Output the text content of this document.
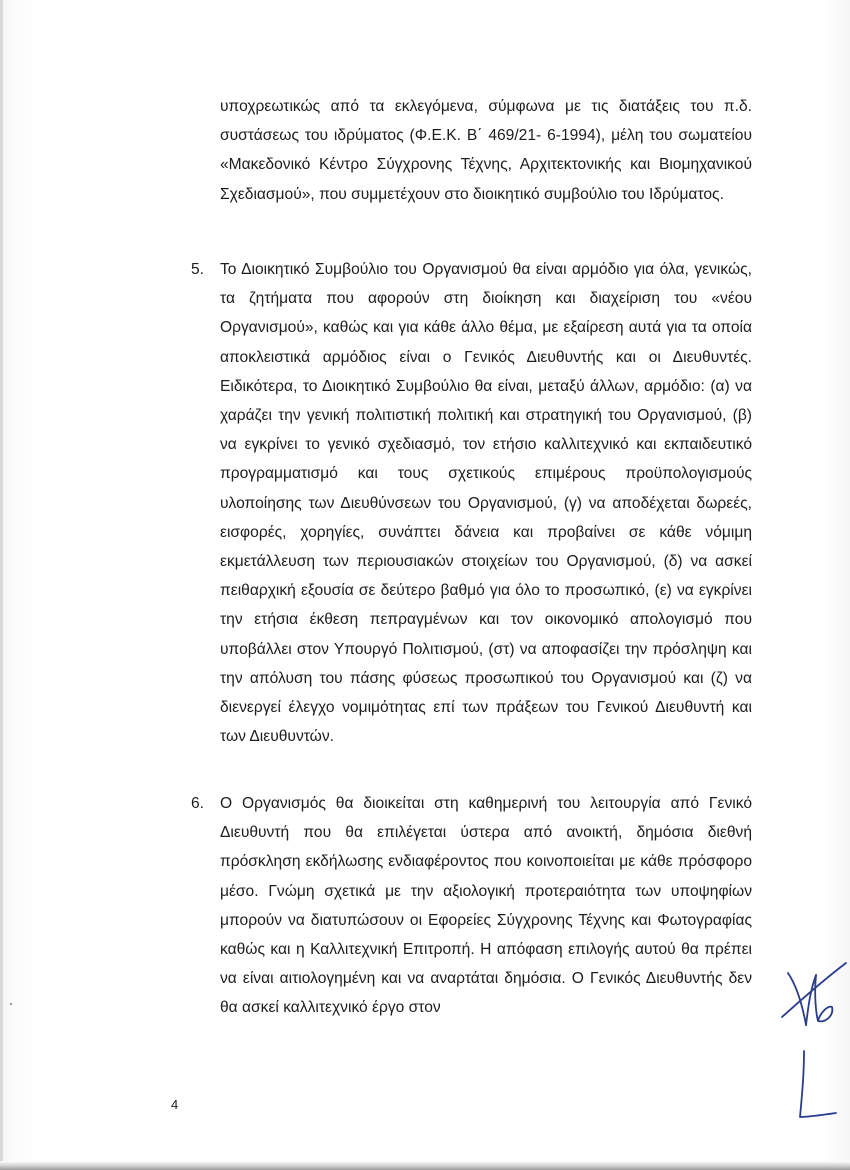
υποχρεωτικώς από τα εκλεγόμενα, σύμφωνα με τις διατάξεις του π.δ. συστάσεως του ιδρύματος (Φ.Ε.Κ. Β΄ 469/21- 6-1994), μέλη του σωματείου «Μακεδονικό Κέντρο Σύγχρονης Τέχνης, Αρχιτεκτονικής και Βιομηχανικού Σχεδιασμού», που συμμετέχουν στο διοικητικό συμβούλιο του Ιδρύματος.

5. Το Διοικητικό Συμβούλιο του Οργανισμού θα είναι αρμόδιο για όλα, γενικώς, τα ζητήματα που αφορούν στη διοίκηση και διαχείριση του «νέου Οργανισμού», καθώς και για κάθε άλλο θέμα, με εξαίρεση αυτά για τα οποία αποκλειστικά αρμόδιος είναι ο Γενικός Διευθυντής και οι Διευθυντές. Ειδικότερα, το Διοικητικό Συμβούλιο θα είναι, μεταξύ άλλων, αρμόδιο: (α) να χαράζει την γενική πολιτιστική πολιτική και στρατηγική του Οργανισμού, (β) να εγκρίνει το γενικό σχεδιασμό, τον ετήσιο καλλιτεχνικό και εκπαιδευτικό προγραμματισμό και τους σχετικούς επιμέρους προϋπολογισμούς υλοποίησης των Διευθύνσεων του Οργανισμού, (γ) να αποδέχεται δωρεές, εισφορές, χορηγίες, συνάπτει δάνεια και προβαίνει σε κάθε νόμιμη εκμετάλλευση των περιουσιακών στοιχείων του Οργανισμού, (δ) να ασκεί πειθαρχική εξουσία σε δεύτερο βαθμό για όλο το προσωπικό, (ε) να εγκρίνει την ετήσια έκθεση πεπραγμένων και τον οικονομικό απολογισμό που υποβάλλει στον Υπουργό Πολιτισμού, (στ) να αποφασίζει την πρόσληψη και την απόλυση του πάσης φύσεως προσωπικού του Οργανισμού και (ζ) να διενεργεί έλεγχο νομιμότητας επί των πράξεων του Γενικού Διευθυντή και των Διευθυντών.

6. Ο Οργανισμός θα διοικείται στη καθημερινή του λειτουργία από Γενικό Διευθυντή που θα επιλέγεται ύστερα από ανοικτή, δημόσια διεθνή πρόσκληση εκδήλωσης ενδιαφέροντος που κοινοποιείται με κάθε πρόσφορο μέσο. Γνώμη σχετικά με την αξιολογική προτεραιότητα των υποψηφίων μπορούν να διατυπώσουν οι Εφορείες Σύγχρονης Τέχνης και Φωτογραφίας καθώς και η Καλλιτεχνική Επιτροπή. Η απόφαση επιλογής αυτού θα πρέπει να είναι αιτιολογημένη και να αναρτάται δημόσια. Ο Γενικός Διευθυντής δεν θα ασκεί καλλιτεχνικό έργο στον

4
